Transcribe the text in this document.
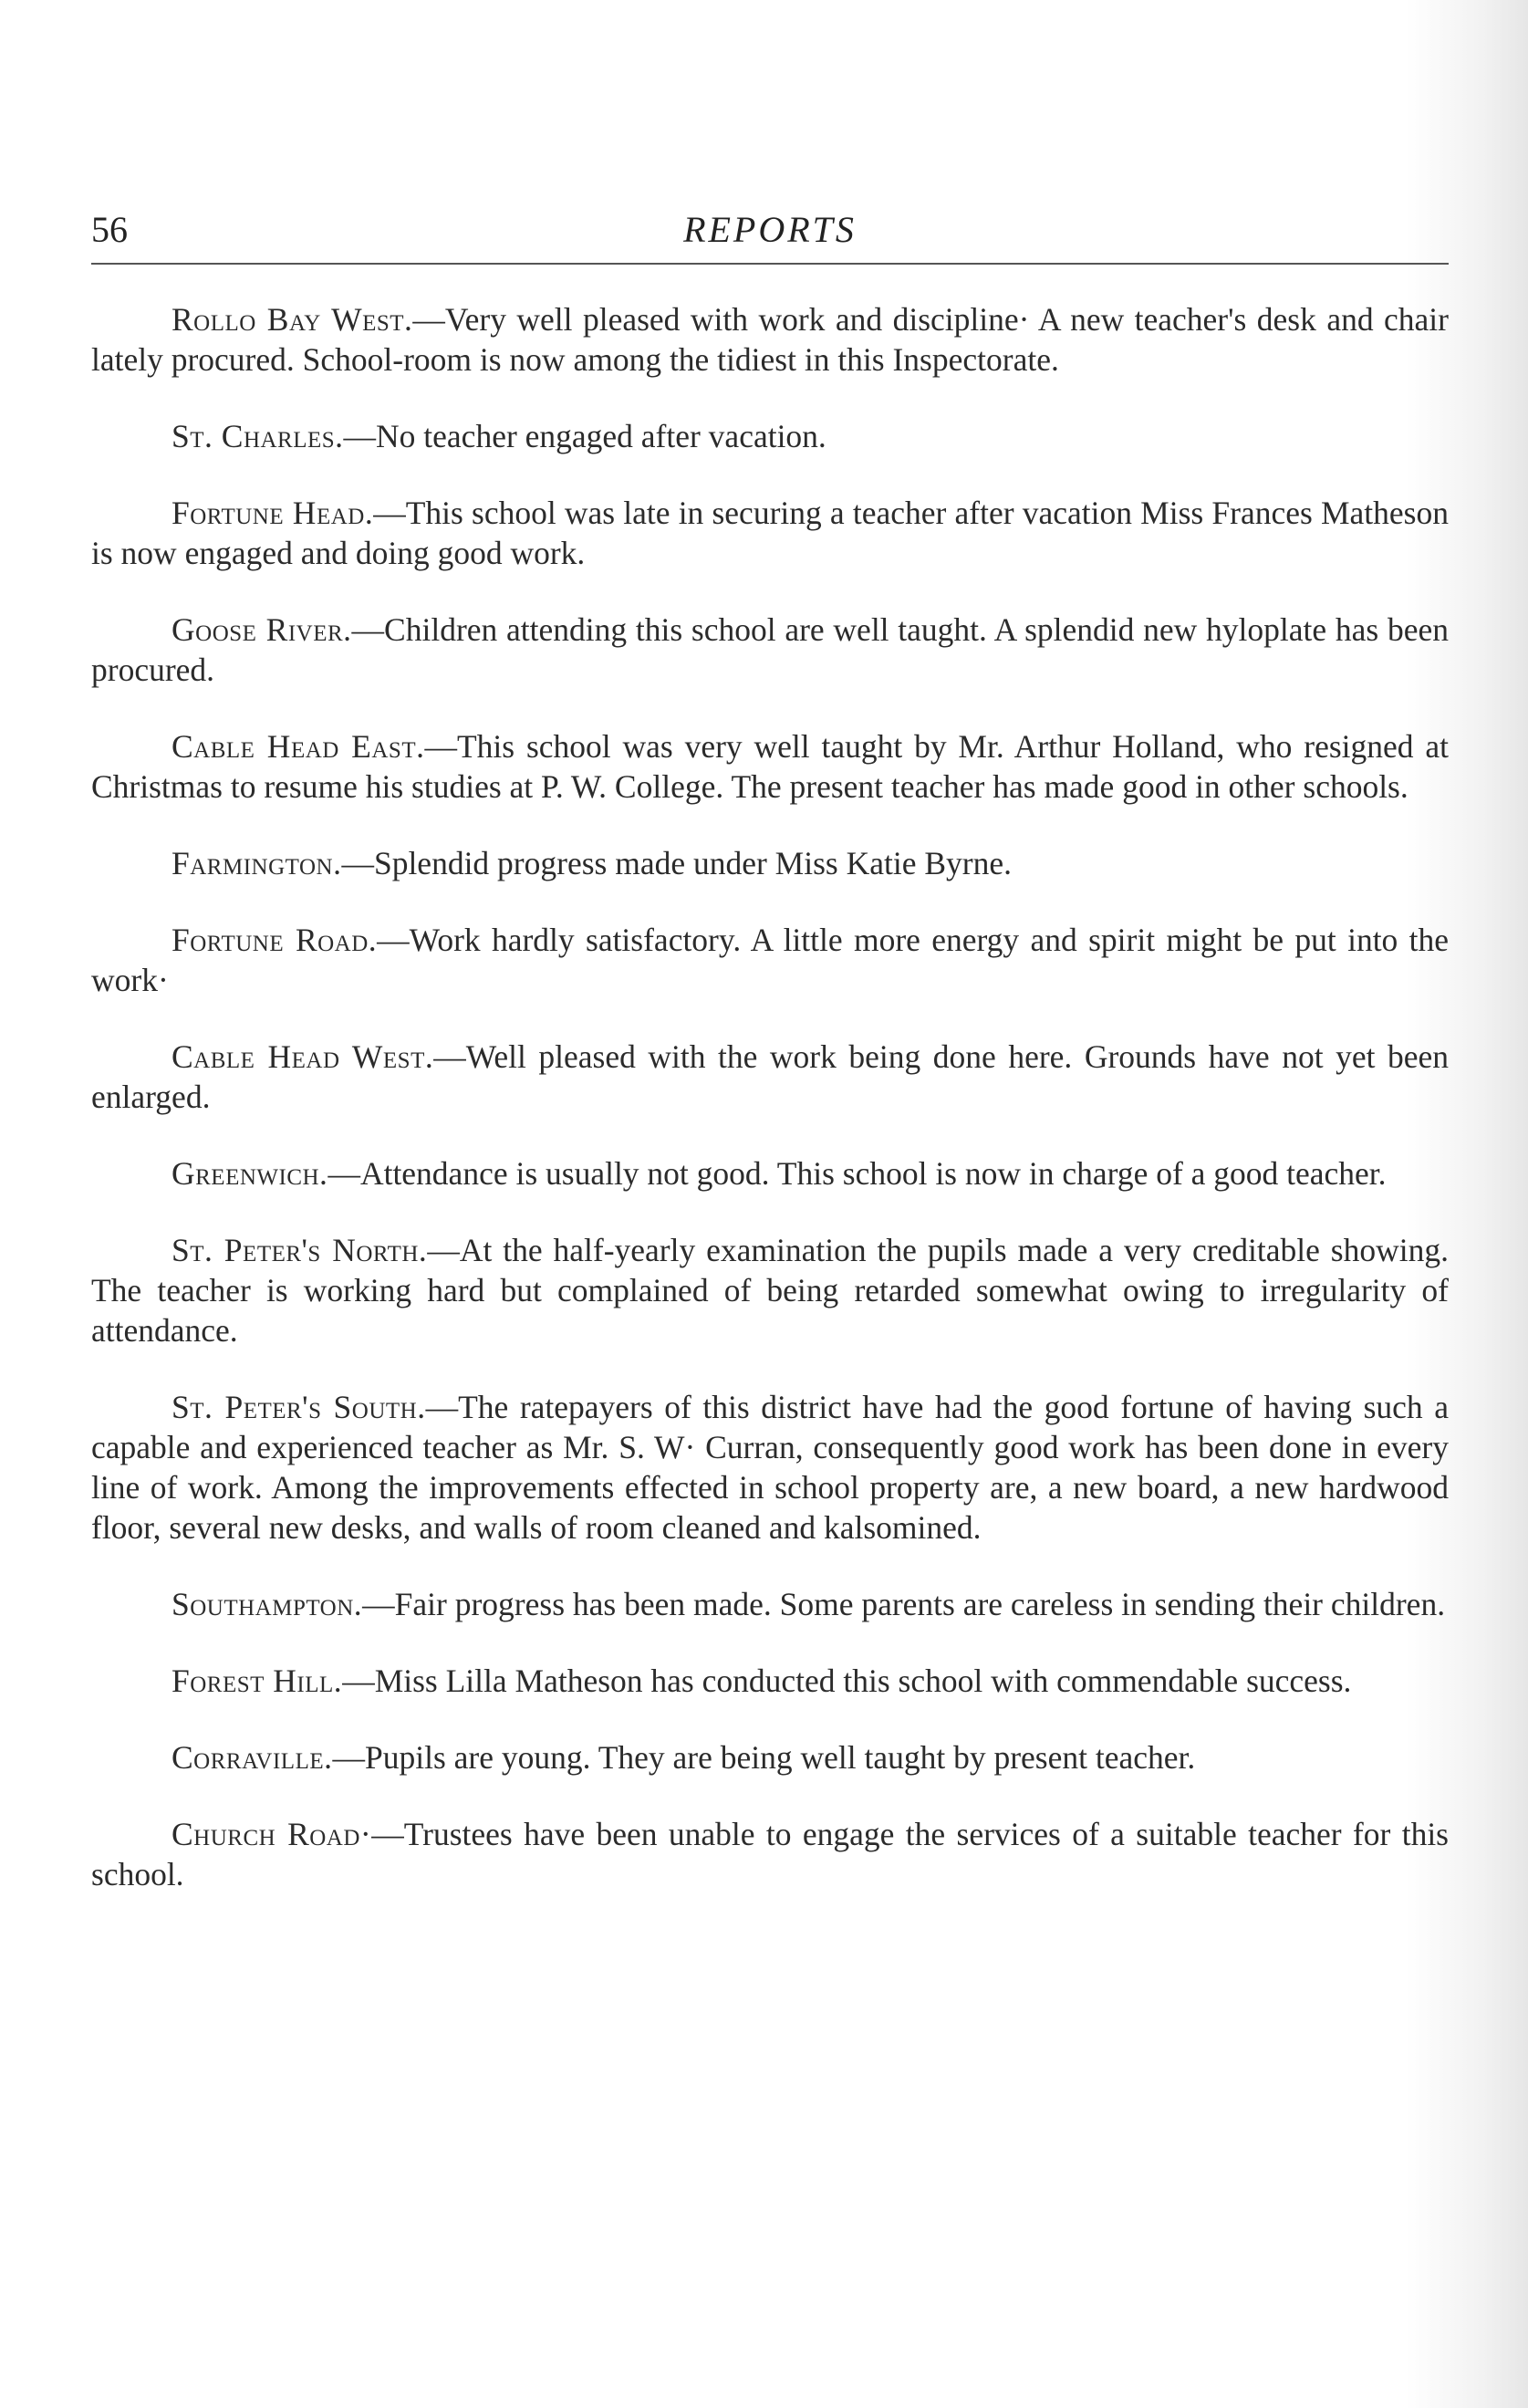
56	REPORTS

Rollo Bay West.—Very well pleased with work and discipline· A new teacher's desk and chair lately procured. School-room is now among the tidiest in this Inspectorate.

St. Charles.—No teacher engaged after vacation.

Fortune Head.—This school was late in securing a teacher after vacation Miss Frances Matheson is now engaged and doing good work.

Goose River.—Children attending this school are well taught. A splendid new hyloplate has been procured.

Cable Head East.—This school was very well taught by Mr. Arthur Holland, who resigned at Christmas to resume his studies at P. W. College. The present teacher has made good in other schools.

Farmington.—Splendid progress made under Miss Katie Byrne.

Fortune Road.—Work hardly satisfactory. A little more energy and spirit might be put into the work·

Cable Head West.—Well pleased with the work being done here. Grounds have not yet been enlarged.

Greenwich.—Attendance is usually not good. This school is now in charge of a good teacher.

St. Peter's North.—At the half-yearly examination the pupils made a very creditable showing. The teacher is working hard but complained of being retarded somewhat owing to irregularity of attendance.

St. Peter's South.—The ratepayers of this district have had the good fortune of having such a capable and experienced teacher as Mr. S. W· Curran, consequently good work has been done in every line of work. Among the improvements effected in school property are, a new board, a new hardwood floor, several new desks, and walls of room cleaned and kalsomined.

Southampton.—Fair progress has been made. Some parents are careless in sending their children.

Forest Hill.—Miss Lilla Matheson has conducted this school with commendable success.

Corraville.—Pupils are young. They are being well taught by present teacher.

Church Road·—Trustees have been unable to engage the services of a suitable teacher for this school.
